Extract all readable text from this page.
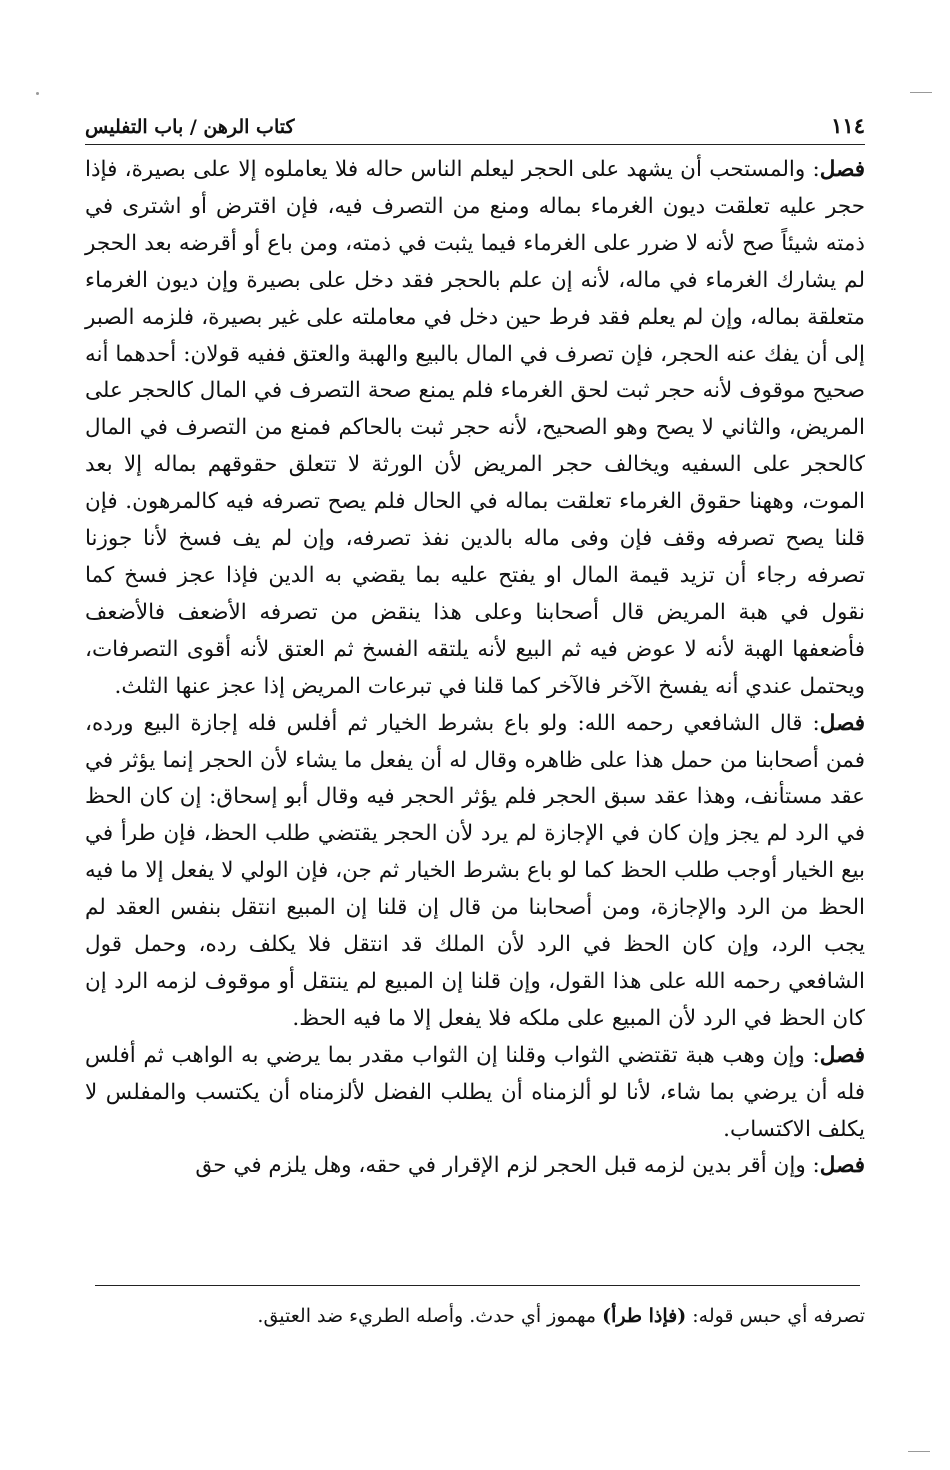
كتاب الرهن / باب التفليس	١١٤

فصل: والمستحب أن يشهد على الحجر ليعلم الناس حاله فلا يعاملوه إلا على بصيرة، فإذا حجر عليه تعلقت ديون الغرماء بماله ومنع من التصرف فيه، فإن اقترض أو اشترى في ذمته شيئاً صح لأنه لا ضرر على الغرماء فيما يثبت في ذمته، ومن باع أو أقرضه بعد الحجر لم يشارك الغرماء في ماله، لأنه إن علم بالحجر فقد دخل على بصيرة وإن ديون الغرماء متعلقة بماله، وإن لم يعلم فقد فرط حين دخل في معاملته على غير بصيرة، فلزمه الصبر إلى أن يفك عنه الحجر، فإن تصرف في المال بالبيع والهبة والعتق ففيه قولان: أحدهما أنه صحيح موقوف لأنه حجر ثبت لحق الغرماء فلم يمنع صحة التصرف في المال كالحجر على المريض، والثاني لا يصح وهو الصحيح، لأنه حجر ثبت بالحاكم فمنع من التصرف في المال كالحجر على السفيه ويخالف حجر المريض لأن الورثة لا تتعلق حقوقهم بماله إلا بعد الموت، وههنا حقوق الغرماء تعلقت بماله في الحال فلم يصح تصرفه فيه كالمرهون. فإن قلنا يصح تصرفه وقف فإن وفى ماله بالدين نفذ تصرفه، وإن لم يف فسخ لأنا جوزنا تصرفه رجاء أن تزيد قيمة المال او يفتح عليه بما يقضي به الدين فإذا عجز فسخ كما نقول في هبة المريض قال أصحابنا وعلى هذا ينقض من تصرفه الأضعف فالأضعف فأضعفها الهبة لأنه لا عوض فيه ثم البيع لأنه يلتقه الفسخ ثم العتق لأنه أقوى التصرفات، ويحتمل عندي أنه يفسخ الآخر فالآخر كما قلنا في تبرعات المريض إذا عجز عنها الثلث.

فصل: قال الشافعي رحمه الله: ولو باع بشرط الخيار ثم أفلس فله إجازة البيع ورده، فمن أصحابنا من حمل هذا على ظاهره وقال له أن يفعل ما يشاء لأن الحجر إنما يؤثر في عقد مستأنف، وهذا عقد سبق الحجر فلم يؤثر الحجر فيه وقال أبو إسحاق: إن كان الحظ في الرد لم يجز وإن كان في الإجازة لم يرد لأن الحجر يقتضي طلب الحظ، فإن طرأ في بيع الخيار أوجب طلب الحظ كما لو باع بشرط الخيار ثم جن، فإن الولي لا يفعل إلا ما فيه الحظ من الرد والإجازة، ومن أصحابنا من قال إن قلنا إن المبيع انتقل بنفس العقد لم يجب الرد، وإن كان الحظ في الرد لأن الملك قد انتقل فلا يكلف رده، وحمل قول الشافعي رحمه الله على هذا القول، وإن قلنا إن المبيع لم ينتقل أو موقوف لزمه الرد إن كان الحظ في الرد لأن المبيع على ملكه فلا يفعل إلا ما فيه الحظ.

فصل: وإن وهب هبة تقتضي الثواب وقلنا إن الثواب مقدر بما يرضي به الواهب ثم أفلس فله أن يرضي بما شاء، لأنا لو ألزمناه أن يطلب الفضل لألزمناه أن يكتسب والمفلس لا يكلف الاكتساب.

فصل: وإن أقر بدين لزمه قبل الحجر لزم الإقرار في حقه، وهل يلزم في حق

تصرفه أي حبس قوله: (فإذا طرأ) مهموز أي حدث. وأصله الطريء ضد العتيق.
